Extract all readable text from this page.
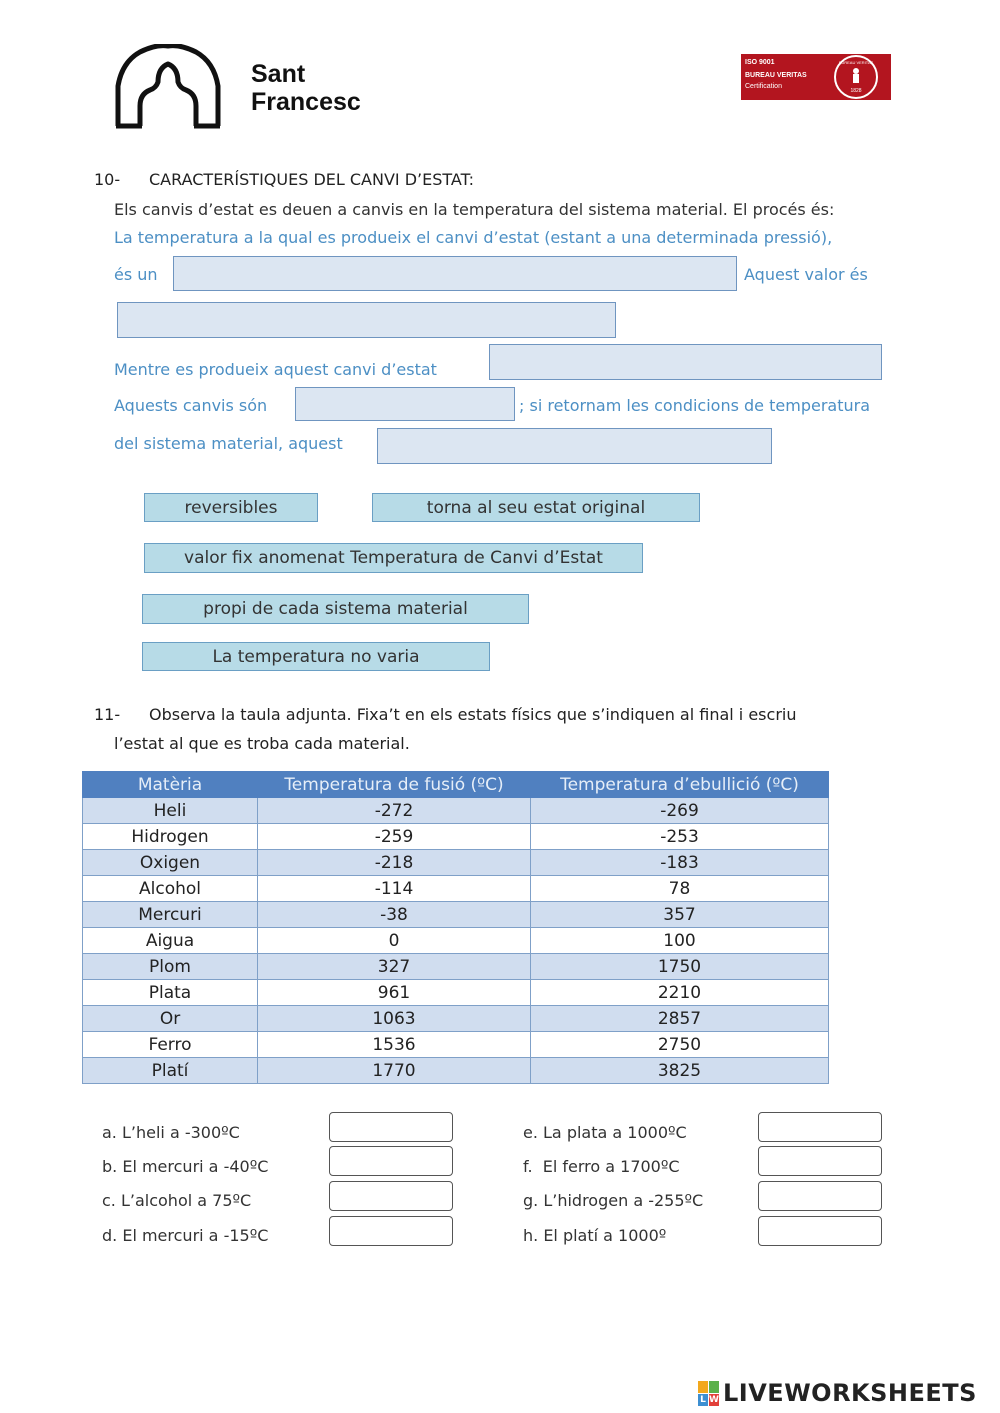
Sant
Francesc
ISO 9001
BUREAU VERITAS
Certification
BUREAU VERITAS
1828
10- CARACTERÍSTIQUES DEL CANVI D’ESTAT:
Els canvis d’estat es deuen a canvis en la temperatura del sistema material. El procés és:
La temperatura a la qual es produeix el canvi d’estat (estant a una determinada pressió),
és un	Aquest valor és
Mentre es produeix aquest canvi d’estat
Aquests canvis són	; si retornam les condicions de temperatura
del sistema material, aquest
reversibles	torna al seu estat original
valor fix anomenat Temperatura de Canvi d’Estat
propi de cada sistema material
La temperatura no varia
11- Observa la taula adjunta. Fixa’t en els estats físics que s’indiquen al final i escriu
l’estat al que es troba cada material.
Matèria	Temperatura de fusió (ºC)	Temperatura d’ebullició (ºC)
Heli	-272	-269
Hidrogen	-259	-253
Oxigen	-218	-183
Alcohol	-114	78
Mercuri	-38	357
Aigua	0	100
Plom	327	1750
Plata	961	2210
Or	1063	2857
Ferro	1536	2750
Platí	1770	3825
a. L’heli a -300ºC
b. El mercuri a -40ºC
c. L’alcohol a 75ºC
d. El mercuri a -15ºC
e. La plata a 1000ºC
f.  El ferro a 1700ºC
g. L’hidrogen a -255ºC
h. El platí a 1000º
L W LIVEWORKSHEETS
